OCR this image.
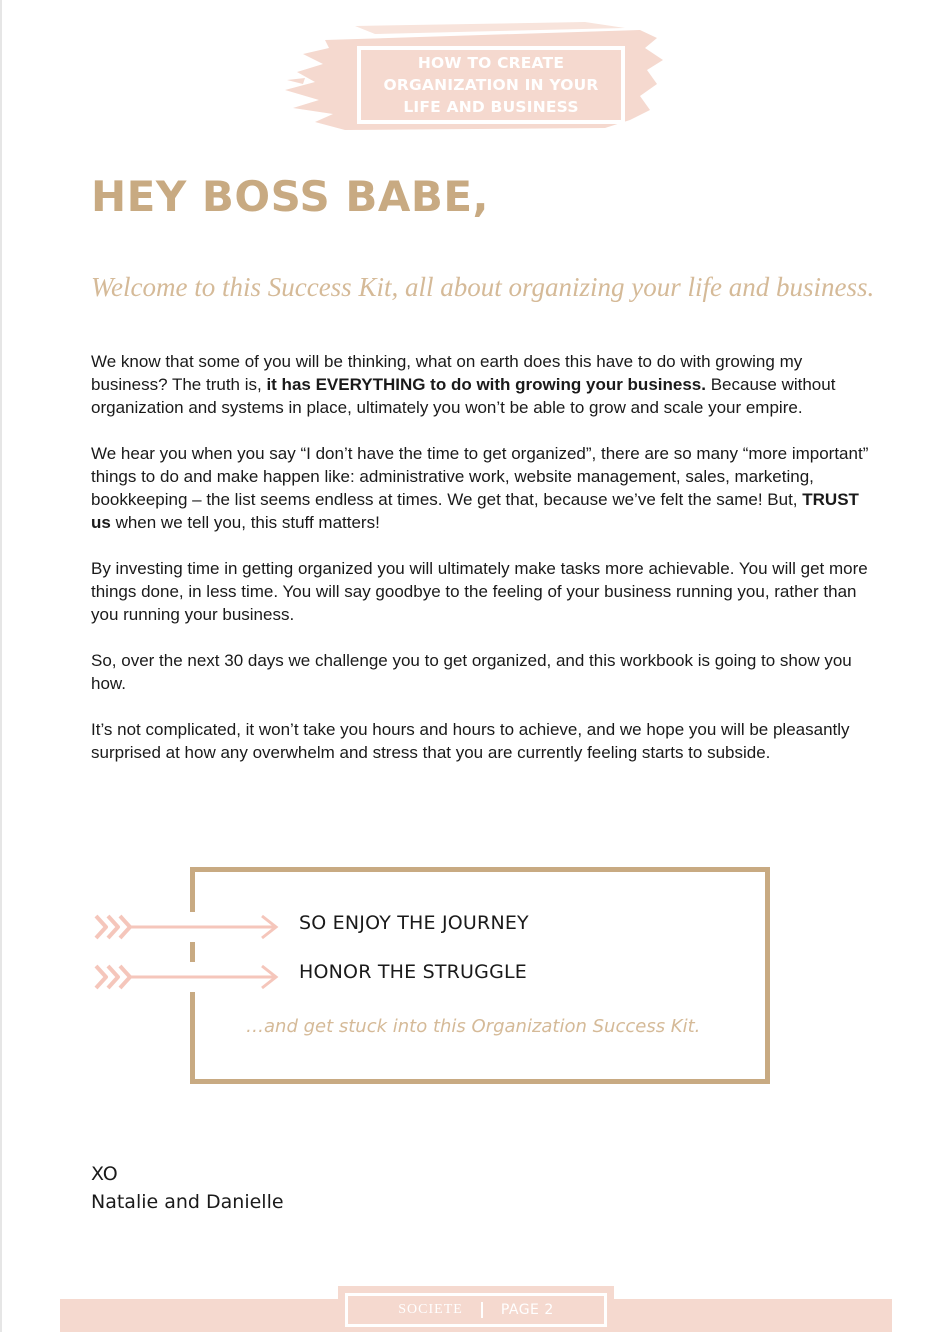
HOW TO CREATE
ORGANIZATION IN YOUR
LIFE AND BUSINESS
HEY BOSS BABE,
Welcome to this Success Kit, all about organizing your life and business.

We know that some of you will be thinking, what on earth does this have to do with growing my business? The truth is, it has EVERYTHING to do with growing your business. Because without organization and systems in place, ultimately you won’t be able to grow and scale your empire.

We hear you when you say “I don’t have the time to get organized”, there are so many “more important” things to do and make happen like: administrative work, website management, sales, marketing, bookkeeping – the list seems endless at times. We get that, because we’ve felt the same! But, TRUST us when we tell you, this stuff matters!

By investing time in getting organized you will ultimately make tasks more achievable. You will get more things done, in less time. You will say goodbye to the feeling of your business running you, rather than you running your business.

So, over the next 30 days we challenge you to get organized, and this workbook is going to show you how.

It’s not complicated, it won’t take you hours and hours to achieve, and we hope you will be pleasantly surprised at how any overwhelm and stress that you are currently feeling starts to subside.

SO ENJOY THE JOURNEY
HONOR THE STRUGGLE
…and get stuck into this Organization Success Kit.
XO
Natalie and Danielle
SOCIETE	PAGE 2
